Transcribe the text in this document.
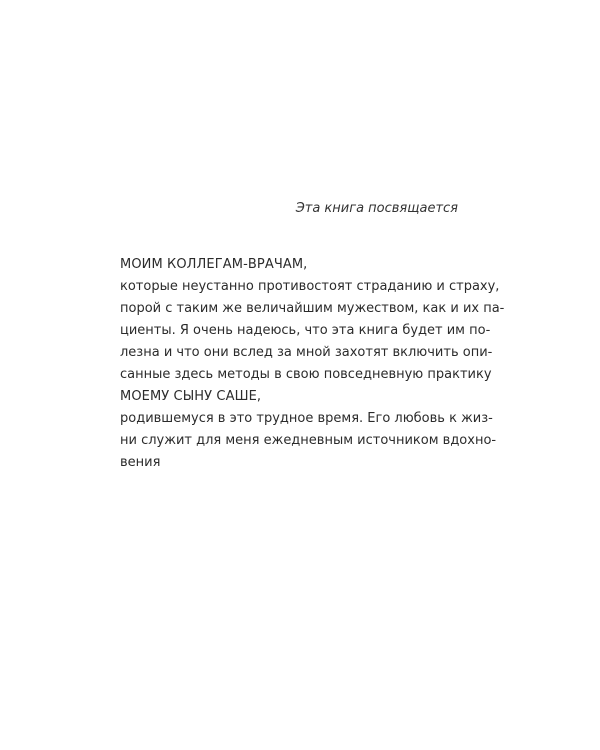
Эта книга посвящается
МОИМ КОЛЛЕГАМ-ВРАЧАМ,
которые неустанно противостоят страданию и страху,
порой с таким же величайшим мужеством, как и их па-
циенты. Я очень надеюсь, что эта книга будет им по-
лезна и что они вслед за мной захотят включить опи-
санные здесь методы в свою повседневную практику
МОЕМУ СЫНУ САШЕ,
родившемуся в это трудное время. Его любовь к жиз-
ни служит для меня ежедневным источником вдохно-
вения
